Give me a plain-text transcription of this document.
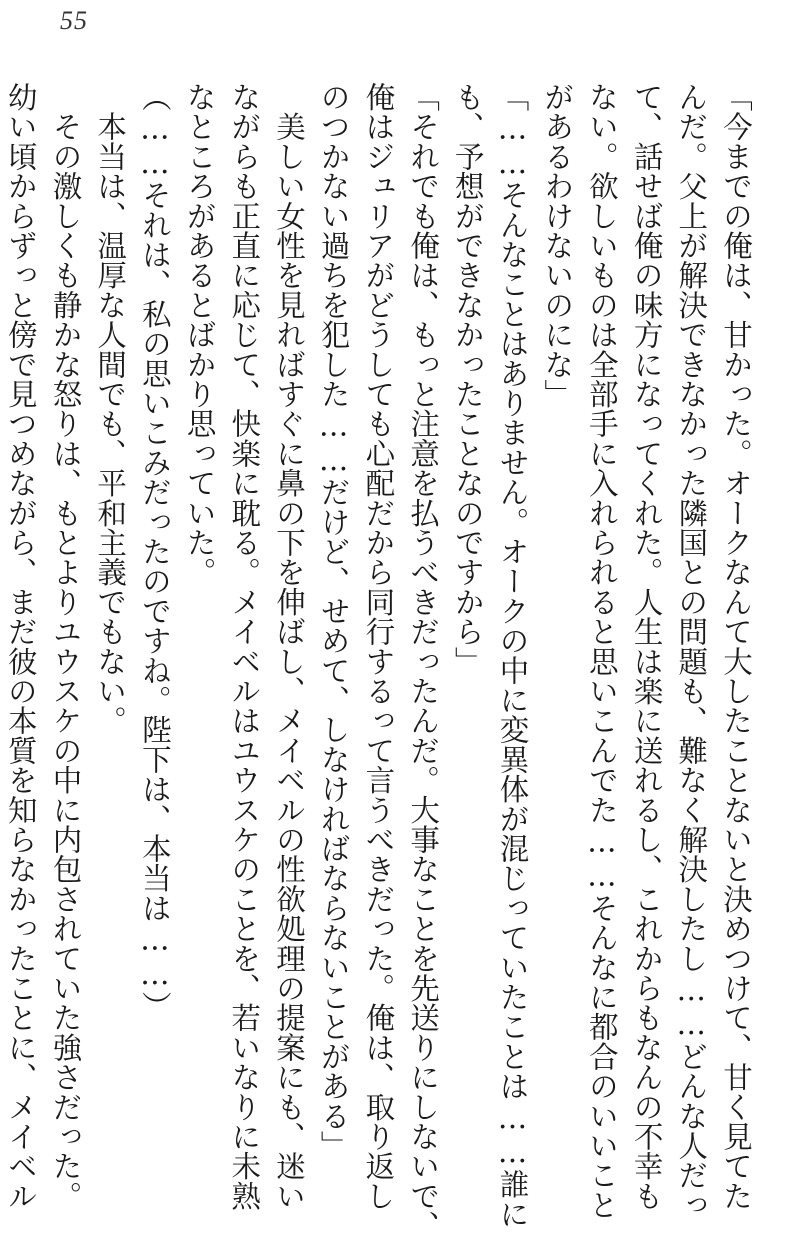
55

「今までの俺は、甘かった。オークなんて大したことないと決めつけて、甘く見てた
んだ。父上が解決できなかった隣国との問題も、難なく解決したし……どんな人だっ
て、話せば俺の味方になってくれた。人生は楽に送れるし、これからもなんの不幸も
ない。欲しいものは全部手に入れられると思いこんでた……そんなに都合のいいこと
があるわけないのにな」

「……そんなことはありません。オークの中に変異体が混じっていたことは……誰に
も、予想ができなかったことなのですから」

「それでも俺は、もっと注意を払うべきだったんだ。大事なことを先送りにしないで、
俺はジュリアがどうしても心配だから同行するって言うべきだった。俺は、取り返し
のつかない過ちを犯した……だけど、せめて、しなければならないことがある」

　美しい女性を見ればすぐに鼻の下を伸ばし、メイベルの性欲処理の提案にも、迷い
ながらも正直に応じて、快楽に耽る。メイベルはユウスケのことを、若いなりに未熟
なところがあるとばかり思っていた。

（……それは、私の思いこみだったのですね。陛下は、本当は……）

　本当は、温厚な人間でも、平和主義でもない。

　その激しくも静かな怒りは、もとよりユウスケの中に内包されていた強さだった。
幼い頃からずっと傍で見つめながら、まだ彼の本質を知らなかったことに、メイベル
